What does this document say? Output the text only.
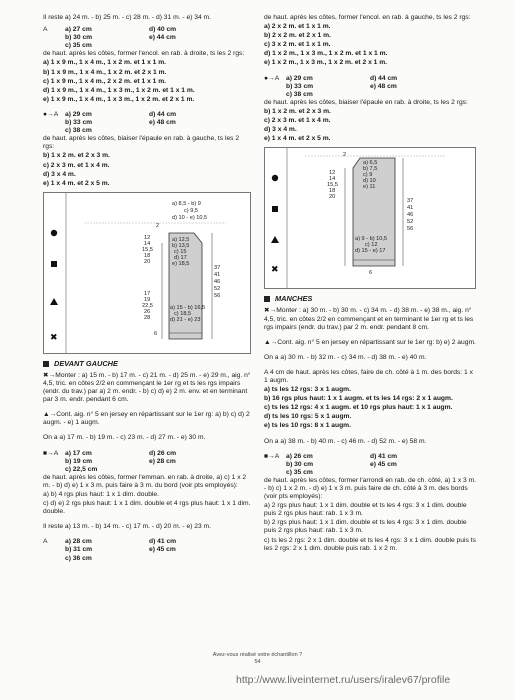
Il reste a) 24 m. - b) 25 m. - c) 28 m. - d) 31 m. - e) 34 m.
A	a) 27 cm	d) 40 cm
b) 30 cm	e) 44 cm
c) 35 cm
de haut. après les côtes, former l'encol. en rab. à droite, ts les 2 rgs:
a) 1 x 9 m., 1 x 4 m., 1 x 2 m. et 1 x 1 m.
b) 1 x 9 m., 1 x 4 m., 1 x 2 m. et 2 x 1 m.
c) 1 x 9 m., 1 x 4 m., 2 x 2 m. et 1 x 1 m.
d) 1 x 9 m., 1 x 4 m., 1 x 3 m., 1 x 2 m. et 1 x 1 m.
e) 1 x 9 m., 1 x 4 m., 1 x 3 m., 1 x 2 m. et 2 x 1 m.
●→A	a) 29 cm	d) 44 cm
b) 33 cm	e) 48 cm
c) 38 cm
de haut. après les côtes, biaiser l'épaule en rab. à gauche, ts les 2 rgs:
b) 1 x 2 m. et 2 x 3 m.
c) 2 x 3 m. et 1 x 4 m.
d) 3 x 4 m.
e) 1 x 4 m. et 2 x 5 m.
✖
a) 8,5 - b) 9
c) 9,5
d) 10 - e) 10,5
2
12
14
15,5
18
20
a) 12,5
b) 13,5
c) 15
d) 17
e) 18,5
37
41
46
52
56
17
19
22,5
26
28
a) 15 - b) 16,5
c) 18,5
d) 21 - e) 23
6
DEVANT GAUCHE
✖→Monter : a) 15 m. - b) 17 m. - c) 21 m. - d) 25 m. - e) 29 m., aig. n° 4,5, tric. en côtes 2/2 en commençant le 1er rg et ts les rgs impairs (endr. du trav.) par a) 2 m. endr. - b) c) d) e) 2 m. env. et en terminant par 3 m. endr. pendant 6 cm.
▲→Cont. aig. n° 5 en jersey en répartissant sur le 1er rg: a) b) c) d) 2 augm. - e) 1 augm.
On a a) 17 m. - b) 19 m. - c) 23 m. - d) 27 m. - e) 30 m.
■→A	a) 17 cm	d) 26 cm
b) 19 cm	e) 28 cm
c) 22,5 cm
de haut. après les côtes, former l'emman. en rab. à droite, a) c) 1 x 2 m. - b) d) e) 1 x 3 m. puis faire à 3 m. du bord (voir pts employés):
a) b) 4 rgs plus haut: 1 x 1 dim. double.
c) d) e) 2 rgs plus haut: 1 x 1 dim. double et 4 rgs plus haut: 1 x 1 dim. double.
Il reste a) 13 m. - b) 14 m. - c) 17 m. - d) 20 m. - e) 23 m.
A	a) 28 cm	d) 41 cm
b) 31 cm	e) 45 cm
c) 36 cm
de haut. après les côtes, former l'encol. en rab. à gauche, ts les 2 rgs:
a) 2 x 2 m. et 1 x 1 m.
b) 2 x 2 m. et 2 x 1 m.
c) 3 x 2 m. et 1 x 1 m.
d) 1 x 2 m., 1 x 3 m., 1 x 2 m. et 1 x 1 m.
e) 1 x 2 m., 1 x 3 m., 1 x 2 m. et 2 x 1 m.
●→A	a) 29 cm	d) 44 cm
b) 33 cm	e) 48 cm
c) 38 cm
de haut. après les côtes, biaiser l'épaule en rab. à droite, ts les 2 rgs:
b) 1 x 2 m. et 2 x 3 m.
c) 2 x 3 m. et 1 x 4 m.
d) 3 x 4 m.
e) 1 x 4 m. et 2 x 5 m.
✖
2
a) 6,5
b) 7,5
c) 9
d) 10
e) 11
12
14
15,5
18
20
37
41
46
52
56
a) 9 - b) 10,5
c) 12
d) 15 - e) 17
6
MANCHES
✖→Monter : a) 30 m. - b) 30 m. - c) 34 m. - d) 38 m. - e) 38 m., aig. n° 4,5, tric. en côtes 2/2 en commençant et en terminant le 1er rg et ts les rgs impairs (endr. du trav.) par 2 m. endr. pendant 8 cm.
▲→Cont. aig. n° 5 en jersey en répartissant sur le 1er rg: b) e) 2 augm.
On a a) 30 m. - b) 32 m. - c) 34 m. - d) 38 m. - e) 40 m.
A 4 cm de haut. après les côtes, faire de ch. côté à 1 m. des bords: 1 x 1 augm.
a) ts les 12 rgs: 3 x 1 augm.
b) 16 rgs plus haut: 1 x 1 augm. et ts les 14 rgs: 2 x 1 augm.
c) ts les 12 rgs: 4 x 1 augm. et 10 rgs plus haut: 1 x 1 augm.
d) ts les 10 rgs: 5 x 1 augm.
e) ts les 10 rgs: 8 x 1 augm.
On a a) 38 m. - b) 40 m. - c) 46 m. - d) 52 m. - e) 58 m.
■→A	a) 26 cm	d) 41 cm
b) 30 cm	e) 45 cm
c) 35 cm
de haut. après les côtes, former l'arrondi en rab. de ch. côté, a) 1 x 3 m. - b) c) 1 x 2 m. - d) e) 1 x 3 m. puis faire de ch. côté à 3 m. des bords (voir pts employés):
a) 2 rgs plus haut: 1 x 1 dim. double et ts les 4 rgs: 3 x 1 dim. double puis 2 rgs plus haut: rab. 1 x 3 m.
b) 2 rgs plus haut: 1 x 1 dim. double et ts les 4 rgs: 3 x 1 dim. double puis 2 rgs plus haut: rab. 1 x 3 m.
c) ts les 2 rgs: 2 x 1 dim. double et ts les 4 rgs: 3 x 1 dim. double puis ts les 2 rgs: 2 x 1 dim. double puis rab. 1 x 2 m.
Avez-vous réalisé votre échantillon ?
54
http://www.liveinternet.ru/users/iralev67/profile
